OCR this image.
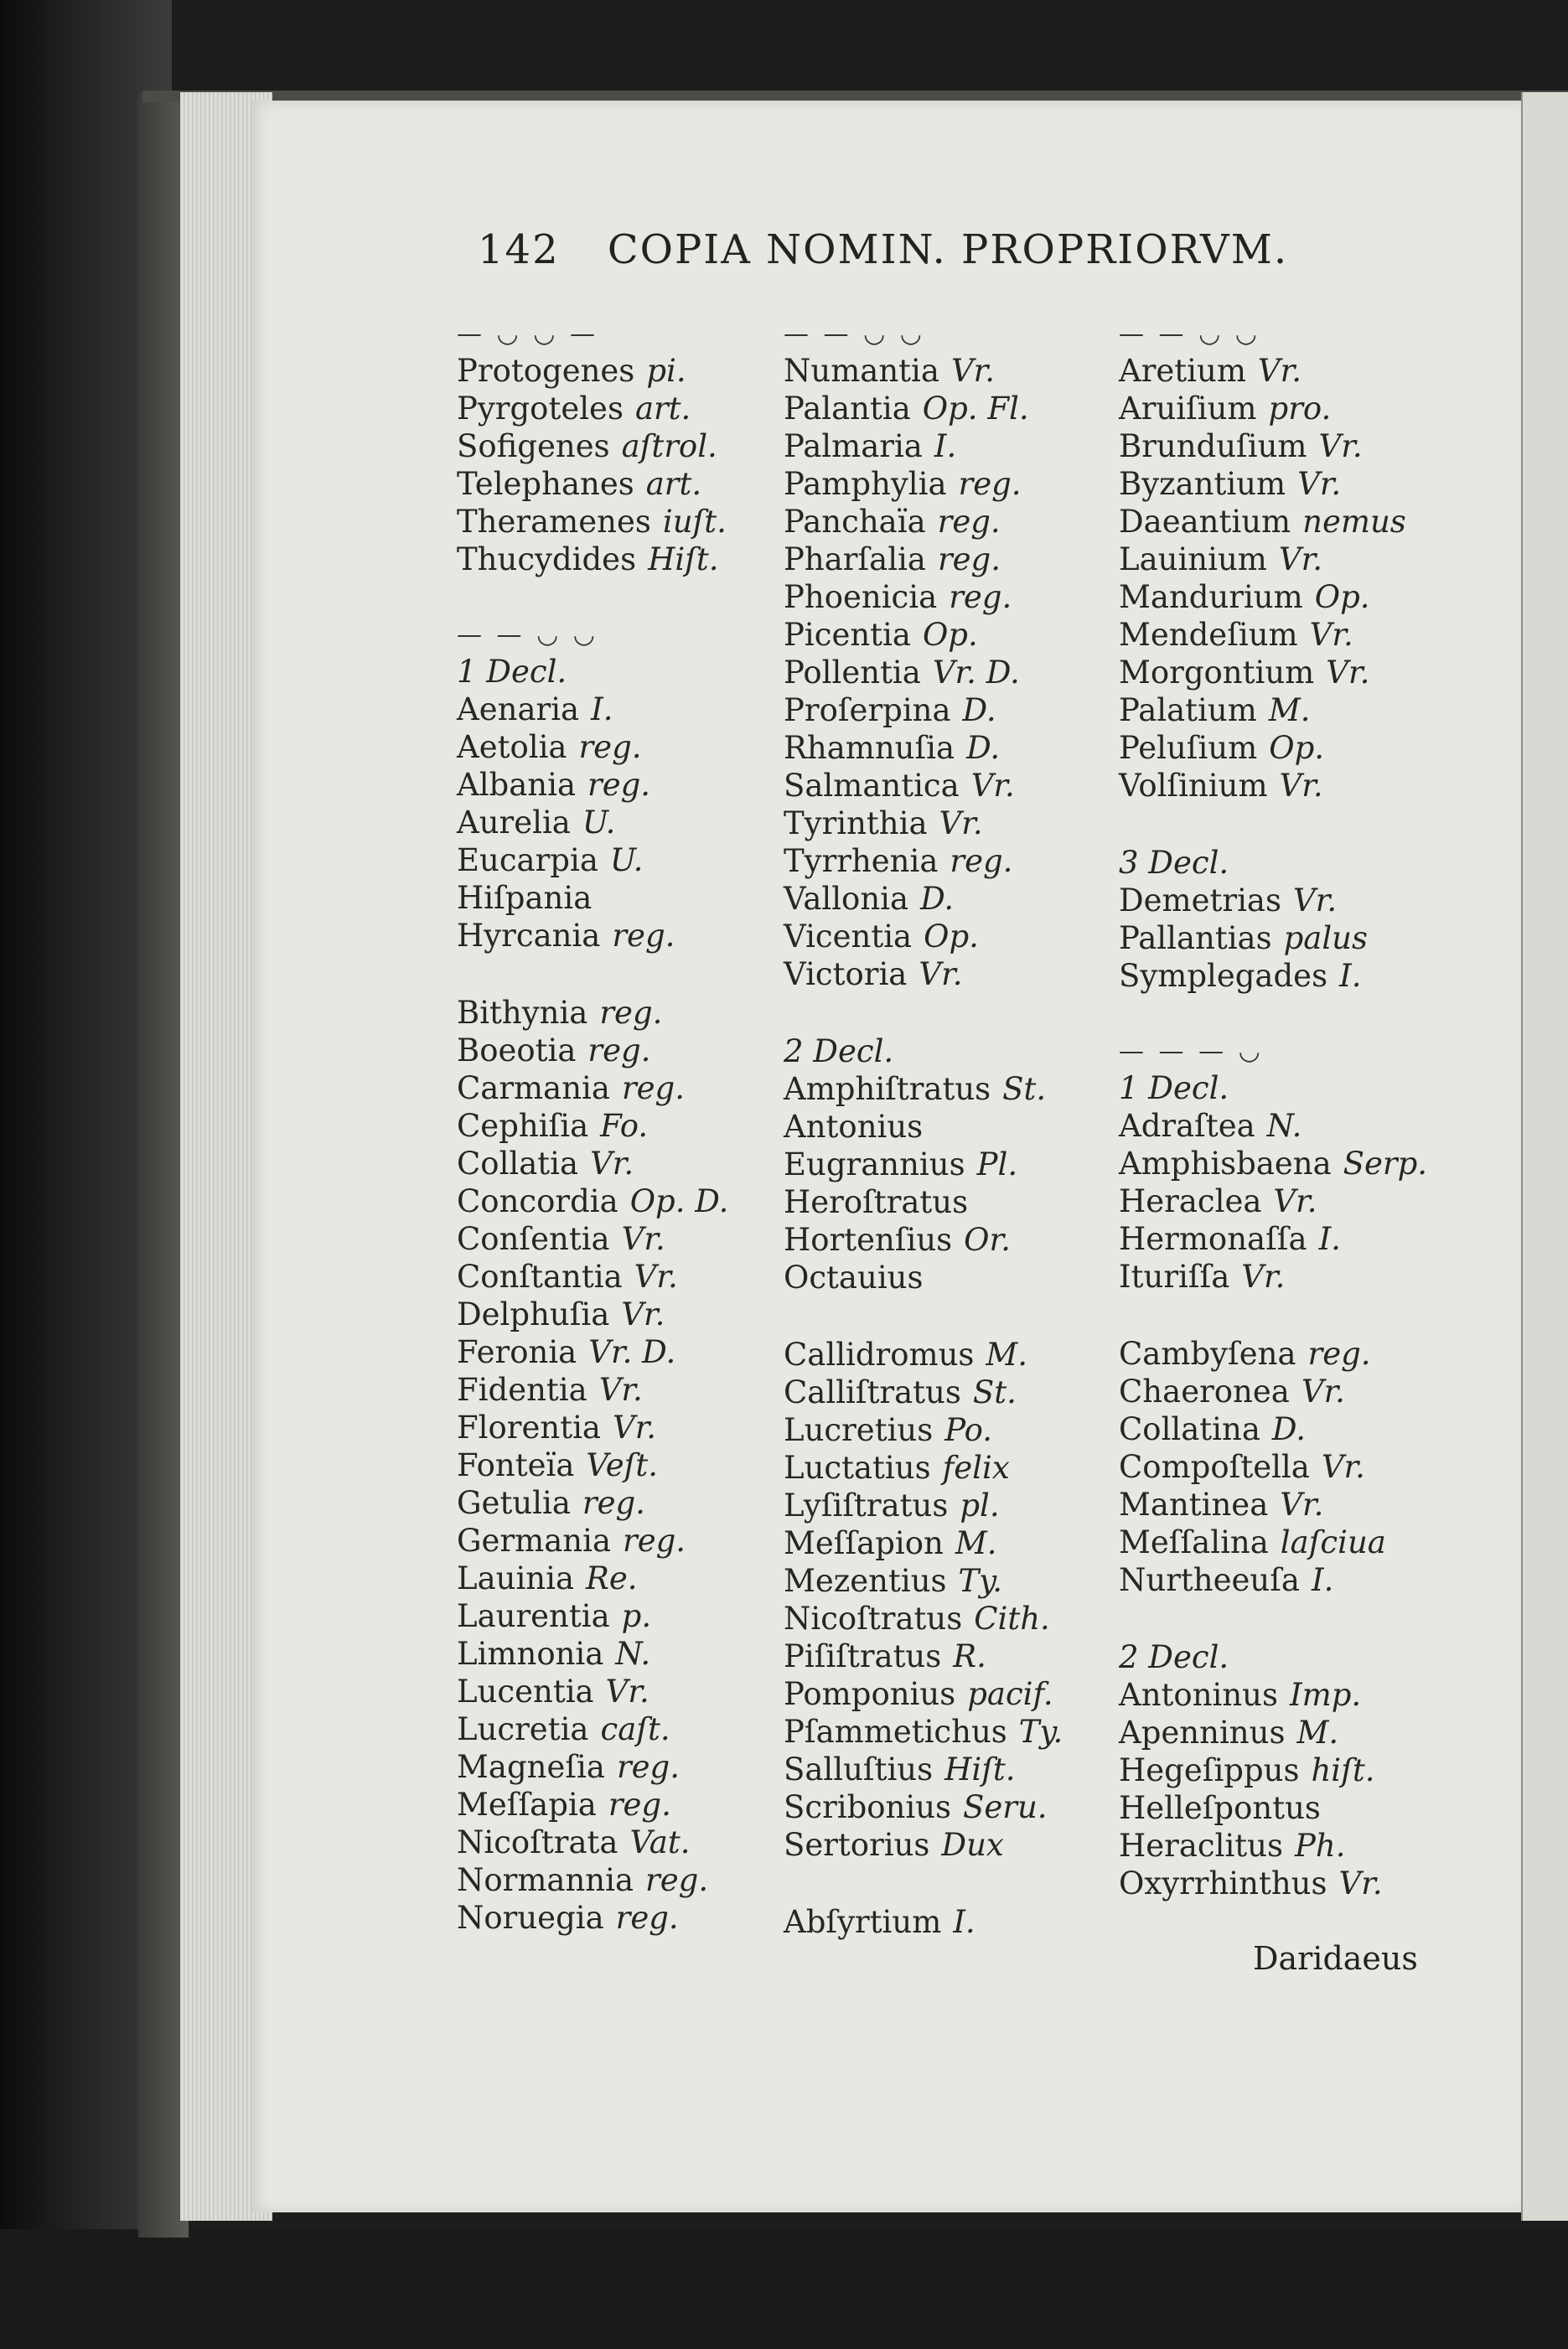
142 COPIA NOMIN. PROPRIORVM.
— ◡ ◡ —
Protogenes pi.
Pyrgoteles art.
Sofigenes aſtrol.
Telephanes art.
Theramenes iuſt.
Thucydides Hiſt.
— — ◡ ◡
1 Decl.
Aenaria I.
Aetolia reg.
Albania reg.
Aurelia U.
Eucarpia U.
Hiſpania
Hyrcania reg.
Bithynia reg.
Boeotia reg.
Carmania reg.
Cephiſia Fo.
Collatia Vr.
Concordia Op. D.
Conſentia Vr.
Conſtantia Vr.
Delphuſia Vr.
Feronia Vr. D.
Fidentia Vr.
Florentia Vr.
Fonteïa Veſt.
Getulia reg.
Germania reg.
Lauinia Re.
Laurentia p.
Limnonia N.
Lucentia Vr.
Lucretia caſt.
Magneſia reg.
Meſſapia reg.
Nicoſtrata Vat.
Normannia reg.
Noruegia reg.
— — ◡ ◡
Numantia Vr.
Palantia Op. Fl.
Palmaria I.
Pamphylia reg.
Panchaïa reg.
Pharſalia reg.
Phoenicia reg.
Picentia Op.
Pollentia Vr. D.
Proſerpina D.
Rhamnuſia D.
Salmantica Vr.
Tyrinthia Vr.
Tyrrhenia reg.
Vallonia D.
Vicentia Op.
Victoria Vr.
2 Decl.
Amphiſtratus St.
Antonius
Eugrannius Pl.
Heroſtratus
Hortenſius Or.
Octauius
Callidromus M.
Calliſtratus St.
Lucretius Po.
Luctatius felix
Lyſiſtratus pl.
Meſſapion M.
Mezentius Ty.
Nicoſtratus Cith.
Piſiſtratus R.
Pomponius pacif.
Pſammetichus Ty.
Salluſtius Hiſt.
Scribonius Seru.
Sertorius Dux
Abſyrtium I.
— — ◡ ◡
Aretium Vr.
Aruiſium pro.
Brunduſium Vr.
Byzantium Vr.
Daeantium nemus
Lauinium Vr.
Mandurium Op.
Mendeſium Vr.
Morgontium Vr.
Palatium M.
Peluſium Op.
Volſinium Vr.
3 Decl.
Demetrias Vr.
Pallantias palus
Symplegades I.
— — — ◡
1 Decl.
Adraſtea N.
Amphisbaena Serp.
Heraclea Vr.
Hermonaſſa I.
Ituriſſa Vr.
Cambyſena reg.
Chaeronea Vr.
Collatina D.
Compoſtella Vr.
Mantinea Vr.
Meſſalina laſciua
Nurtheeuſa I.
2 Decl.
Antoninus Imp.
Apenninus M.
Hegeſippus hiſt.
Helleſpontus
Heraclitus Ph.
Oxyrrhinthus Vr.
Daridaeus
